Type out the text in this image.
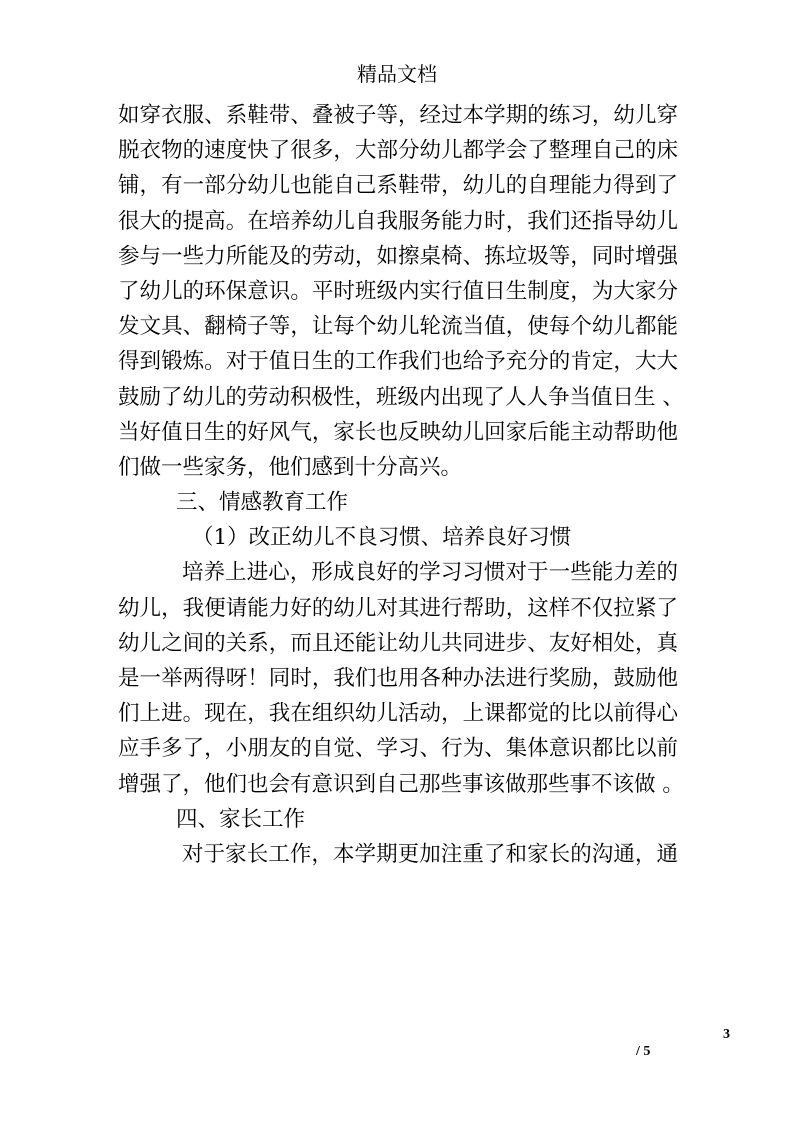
精品文档
如穿衣服、系鞋带、叠被子等，经过本学期的练习，幼儿穿
脱衣物的速度快了很多，大部分幼儿都学会了整理自己的床
铺，有一部分幼儿也能自己系鞋带，幼儿的自理能力得到了
很大的提高。在培养幼儿自我服务能力时，我们还指导幼儿
参与一些力所能及的劳动，如擦桌椅、拣垃圾等，同时增强
了幼儿的环保意识。平时班级内实行值日生制度，为大家分
发文具、翻椅子等，让每个幼儿轮流当值，使每个幼儿都能
得到锻炼。对于值日生的工作我们也给予充分的肯定，大大
鼓励了幼儿的劳动积极性，班级内出现了人人争当值日生 、
当好值日生的好风气，家长也反映幼儿回家后能主动帮助他
们做一些家务，他们感到十分高兴。
三、情感教育工作
（1）改正幼儿不良习惯、培养良好习惯
培养上进心，形成良好的学习习惯对于一些能力差的
幼儿，我便请能力好的幼儿对其进行帮助，这样不仅拉紧了
幼儿之间的关系，而且还能让幼儿共同进步、友好相处，真
是一举两得呀！同时，我们也用各种办法进行奖励，鼓励他
们上进。现在，我在组织幼儿活动，上课都觉的比以前得心
应手多了，小朋友的自觉、学习、行为、集体意识都比以前
增强了，他们也会有意识到自己那些事该做那些事不该做 。
四、家长工作
对于家长工作，本学期更加注重了和家长的沟通，通
3
/ 5
